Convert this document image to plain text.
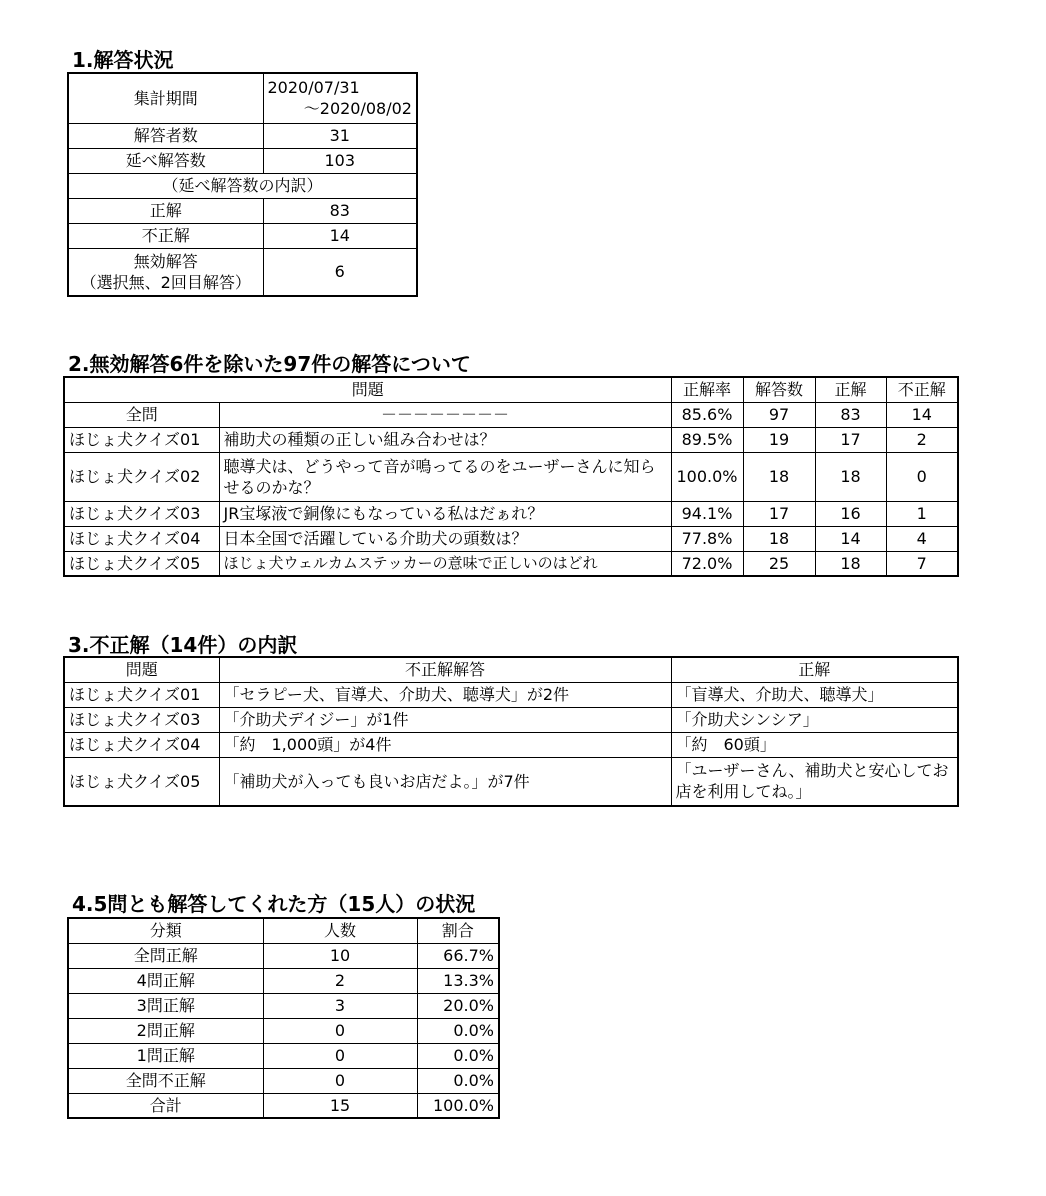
1.解答状況
集計期間	2020/07/31
～2020/08/02

解答者数	31
延べ解答数	103
（延べ解答数の内訳）	
正解	83
不正解	14

無効解答
（選択無、2回目解答）	6
2.無効解答6件を除いた97件の解答について
問題		正解率	解答数	正解	不正解
全問	－－－－－－－－	85.6%	97	83	14
ほじょ犬クイズ01	補助犬の種類の正しい組み合わせは？	89.5%	19	17	2
ほじょ犬クイズ02	聴導犬は、どうやって音が鳴ってるのをユーザーさんに知らせるのかな？	100.0%	18	18	0
ほじょ犬クイズ03	JR宝塚液で銅像にもなっている私はだぁれ？	94.1%	17	16	1
ほじょ犬クイズ04	日本全国で活躍している介助犬の頭数は？	77.8%	18	14	4
ほじょ犬クイズ05	ほじょ犬ウェルカムステッカーの意味で正しいのはどれ	72.0%	25	18	7
3.不正解（14件）の内訳
問題	不正解解答	正解
ほじょ犬クイズ01	「セラピー犬、盲導犬、介助犬、聴導犬」が2件	「盲導犬、介助犬、聴導犬」
ほじょ犬クイズ03	「介助犬デイジー」が1件	「介助犬シンシア」
ほじょ犬クイズ04	「約　1,000頭」が4件	「約　60頭」
ほじょ犬クイズ05	「補助犬が入っても良いお店だよ。」が7件	「ユーザーさん、補助犬と安心してお店を利用してね。」
4.5問とも解答してくれた方（15人）の状況
分類	人数	割合
全問正解	10	66.7%
4問正解	2	13.3%
3問正解	3	20.0%
2問正解	0	0.0%
1問正解	0	0.0%
全問不正解	0	0.0%
合計	15	100.0%
